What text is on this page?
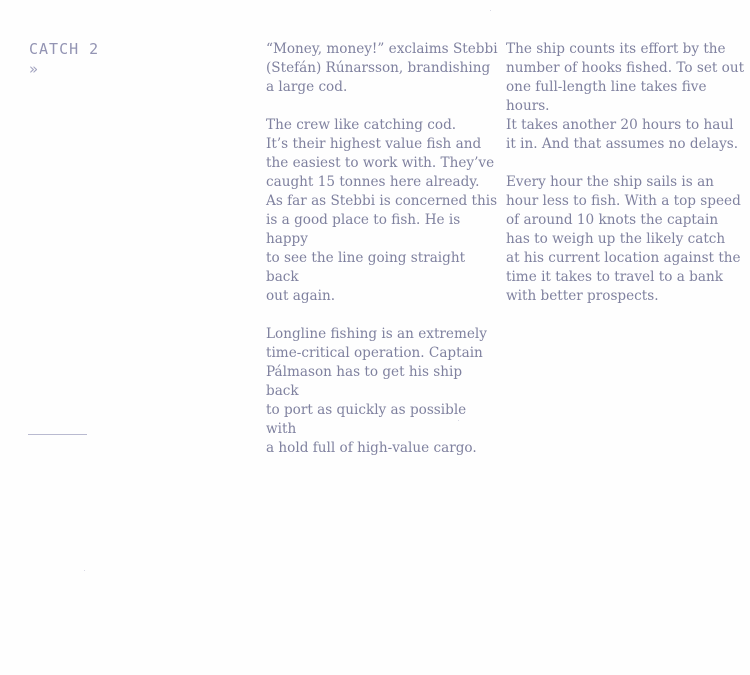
CATCH 2
»

“Money, money!” exclaims Stebbi
(Stefán) Rúnarsson, brandishing
a large cod.

The crew like catching cod.
It’s their highest value fish and
the easiest to work with. They’ve
caught 15 tonnes here already.
As far as Stebbi is concerned this
is a good place to fish. He is happy
to see the line going straight back
out again.

Longline fishing is an extremely
time-critical operation. Captain
Pálmason has to get his ship back
to port as quickly as possible with
a hold full of high-value cargo.

The ship counts its effort by the
number of hooks fished. To set out
one full-length line takes five hours.
It takes another 20 hours to haul
it in. And that assumes no delays.

Every hour the ship sails is an
hour less to fish. With a top speed
of around 10 knots the captain
has to weigh up the likely catch
at his current location against the
time it takes to travel to a bank
with better prospects.
